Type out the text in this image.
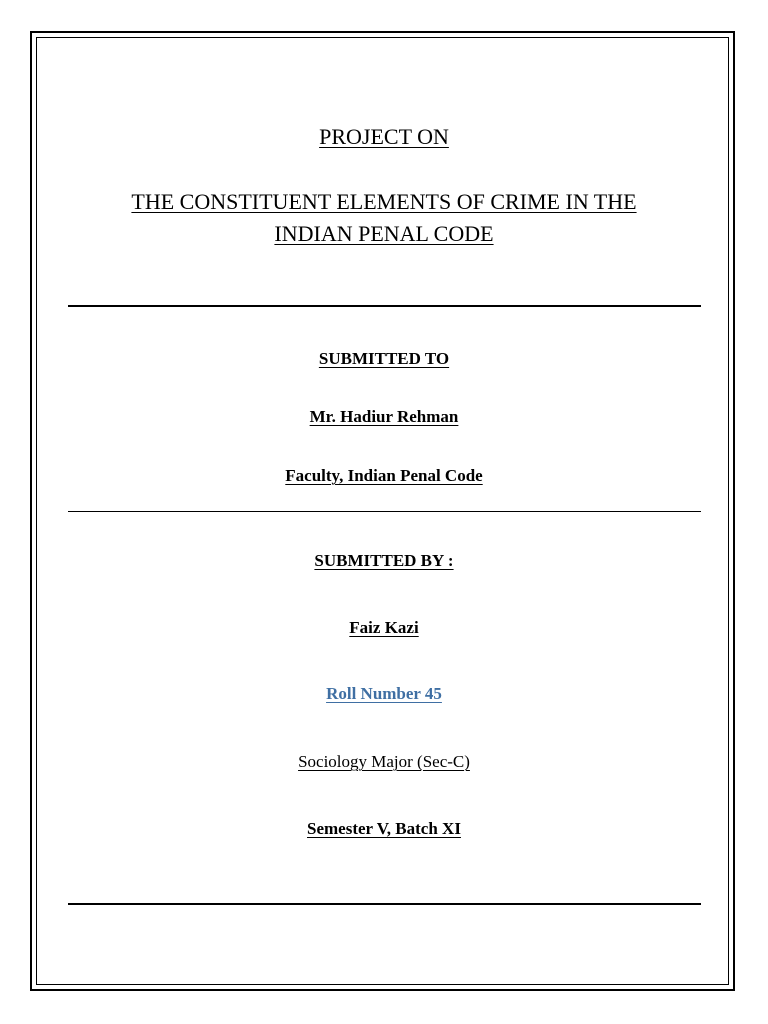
PROJECT ON
THE CONSTITUENT ELEMENTS OF CRIME IN THE
INDIAN PENAL CODE
SUBMITTED TO
Mr. Hadiur Rehman
Faculty, Indian Penal Code
SUBMITTED BY :
Faiz Kazi
Roll Number 45
Sociology Major (Sec-C)
Semester V, Batch XI
